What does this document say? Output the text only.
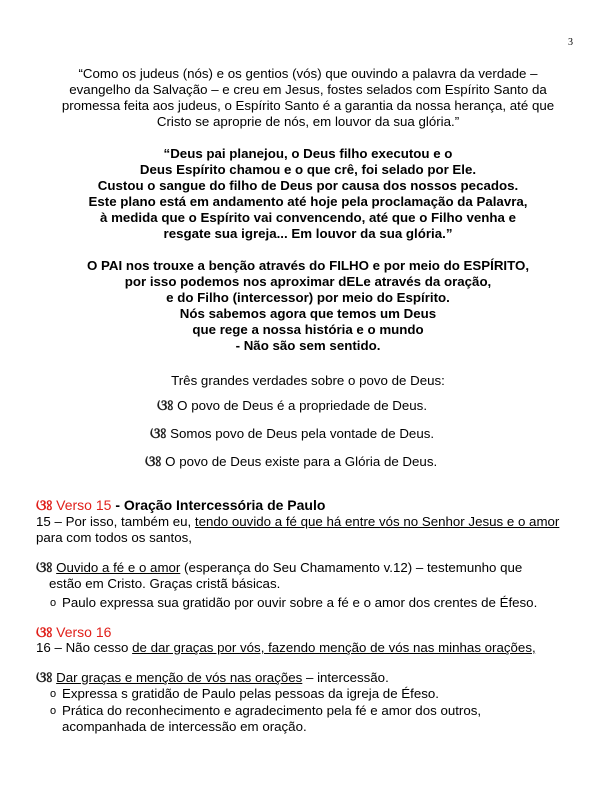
3
“Como os judeus (nós) e os gentios (vós) que ouvindo a palavra da verdade –
evangelho da Salvação – e creu em Jesus, fostes selados com Espírito Santo da
promessa feita aos judeus, o Espírito Santo é a garantia da nossa herança, até que
Cristo se aproprie de nós, em louvor da sua glória.”
“Deus pai planejou, o Deus filho executou e o
Deus Espírito chamou e o que crê, foi selado por Ele.
Custou o sangue do filho de Deus por causa dos nossos pecados.
Este plano está em andamento até hoje pela proclamação da Palavra,
à medida que o Espírito vai convencendo, até que o Filho venha e
resgate sua igreja... Em louvor da sua glória.”
O PAI nos trouxe a benção através do FILHO e por meio do ESPÍRITO,
por isso podemos nos aproximar dELe através da oração,
e do Filho (intercessor) por meio do Espírito.
Nós sabemos agora que temos um Deus
que rege a nossa história e o mundo
- Não são sem sentido.
Três grandes verdades sobre o povo de Deus:
ଓଃ O povo de Deus é a propriedade de Deus.
ଓଃ Somos povo de Deus pela vontade de Deus.
ଓଃ O povo de Deus existe para a Glória de Deus.
ଓଃ Verso 15 - Oração Intercessória de Paulo
15 – Por isso, também eu, tendo ouvido a fé que há entre vós no Senhor Jesus e o amor
para com todos os santos,
ଓଃ Ouvido a fé e o amor (esperança do Seu Chamamento v.12) – testemunho que
estão em Cristo. Graças cristã básicas.
o Paulo expressa sua gratidão por ouvir sobre a fé e o amor dos crentes de Éfeso.
ଓଃ Verso 16
16 – Não cesso de dar graças por vós, fazendo menção de vós nas minhas orações,
ଓଃ Dar graças e menção de vós nas orações – intercessão.
o Expressa s gratidão de Paulo pelas pessoas da igreja de Éfeso.
o Prática do reconhecimento e agradecimento pela fé e amor dos outros,
acompanhada de intercessão em oração.
